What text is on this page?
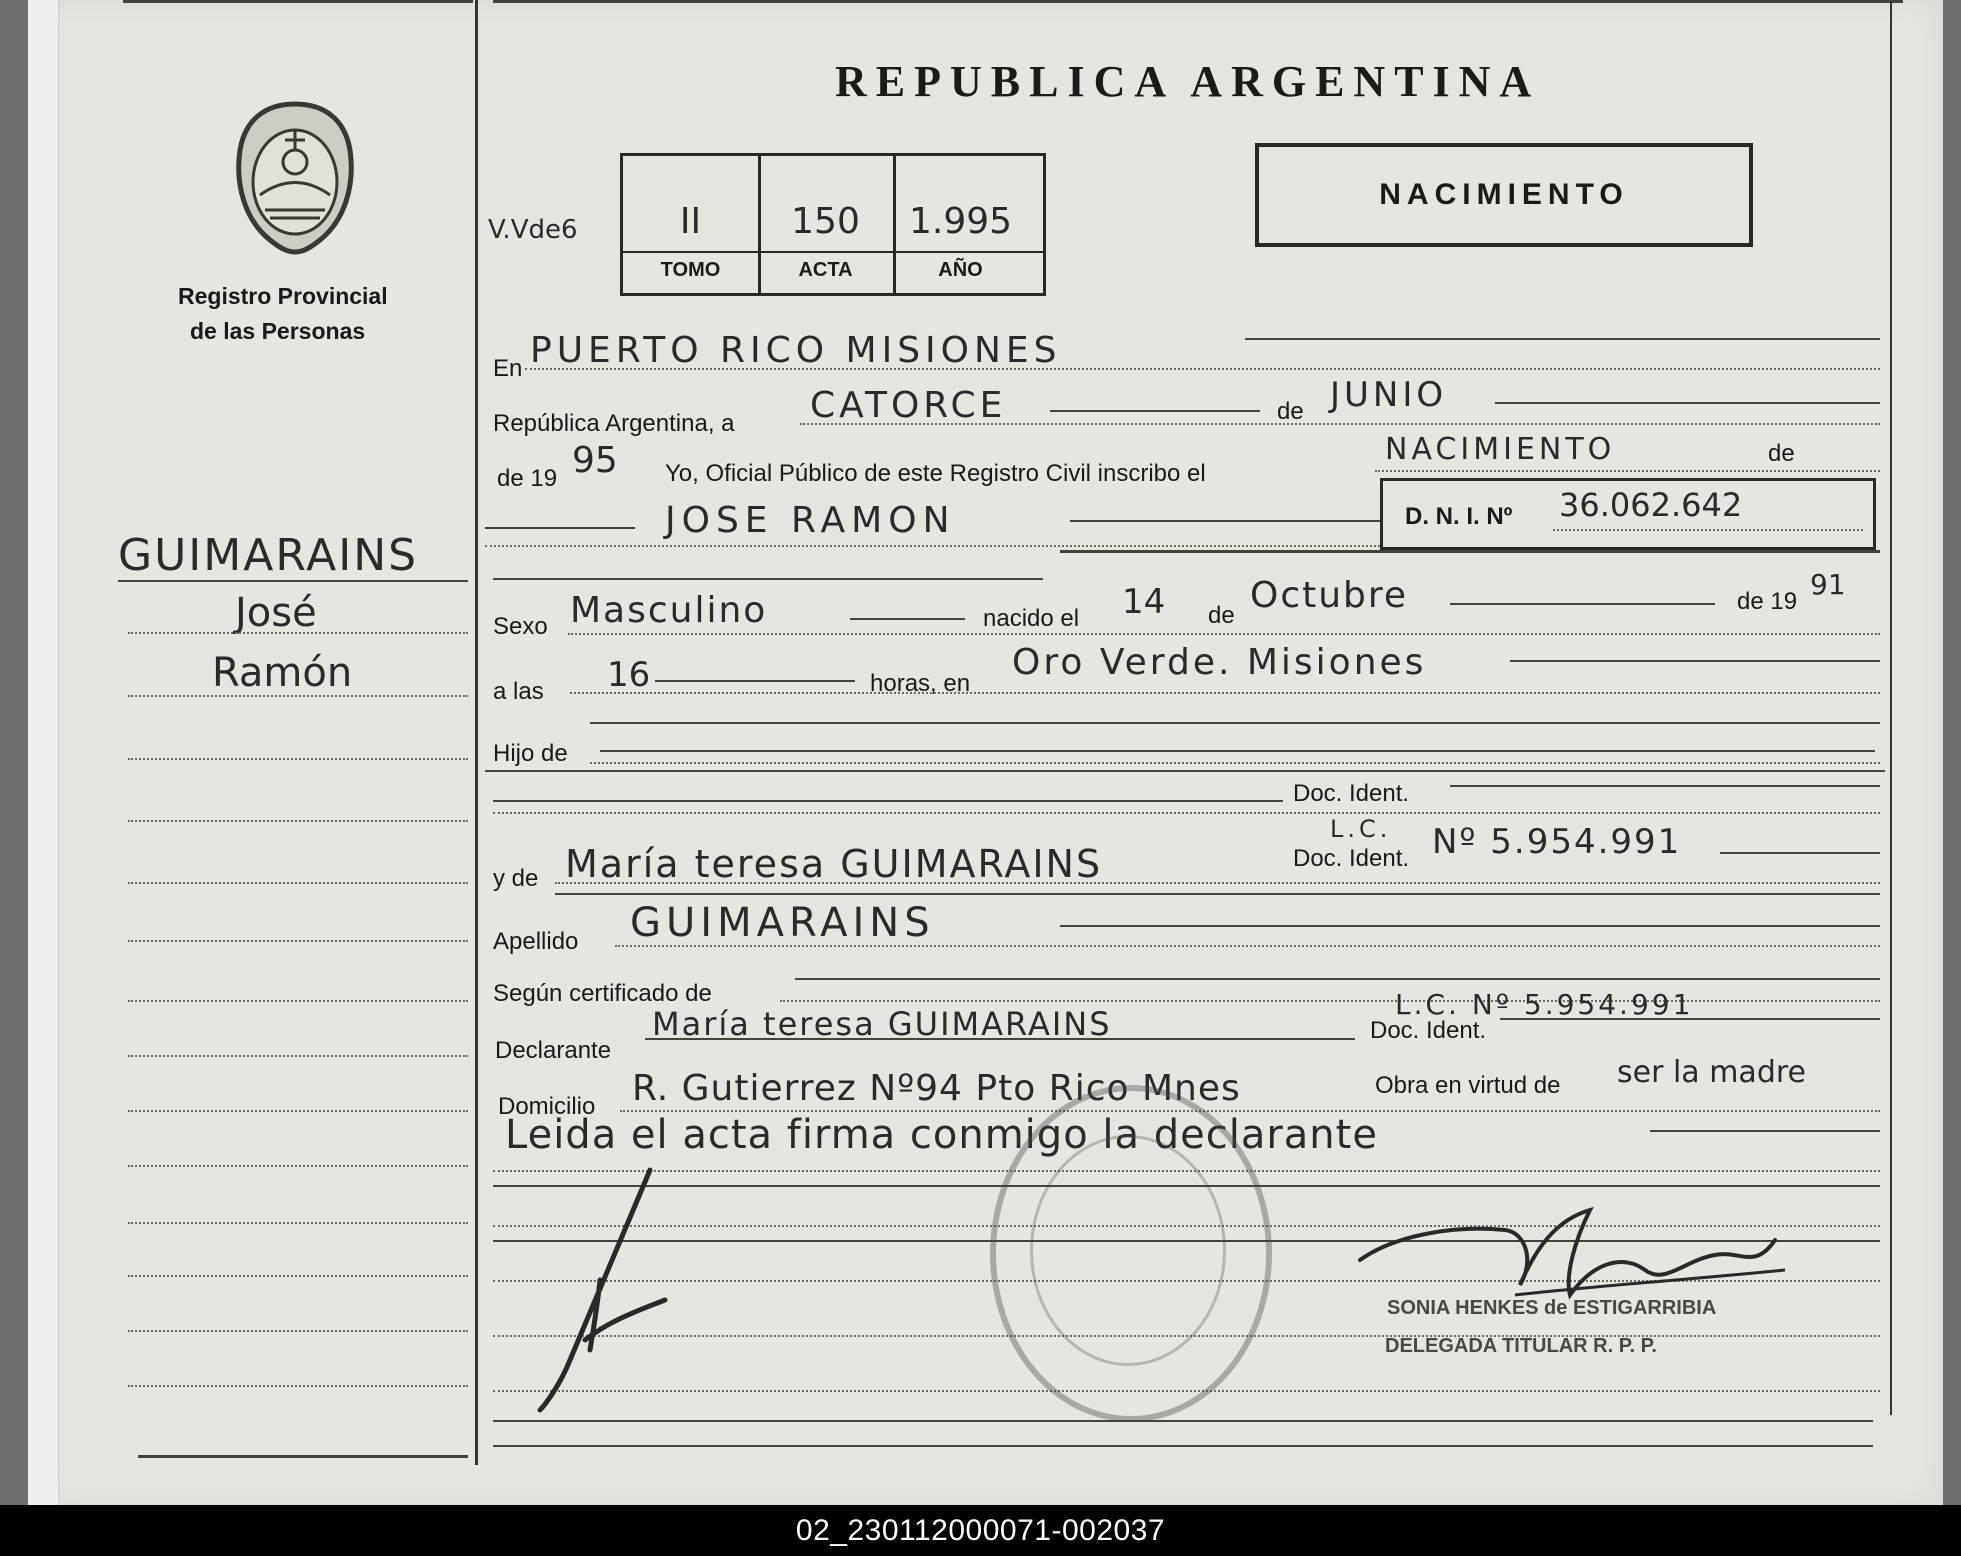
Registro Provincial
de las Personas
REPUBLICA ARGENTINA
NACIMIENTO
V.Vde6	II	150	1.995
TOMO	ACTA	AÑO
GUIMARAINS
José
Ramón
En PUERTO RICO MISIONES
República Argentina, a CATORCE	de JUNIO
de 19 95 Yo, Oficial Público de este Registro Civil inscribo el
NACIMIENTO	de
JOSE RAMON	D. N. I. Nº 36.062.642
Sexo Masculino	nacido el 14 de Octubre	de 19
91
a las 16	horas, en
Oro Verde. Misiones
Hijo de
Doc. Ident.
y de María teresa GUIMARAINS
L.C.
Doc. Ident. Nº 5.954.991
Apellido GUIMARAINS
Según certificado de
Declarante
María teresa GUIMARAINS	Doc. Ident.
L.C. Nº 5.954.991
Domicilio R. Gutierrez Nº94 Pto Rico Mnes	Obra en virtud de ser la madre
Leida el acta firma conmigo la declarante
SONIA HENKES de ESTIGARRIBIA
DELEGADA TITULAR R. P. P.
02_230112000071-002037
